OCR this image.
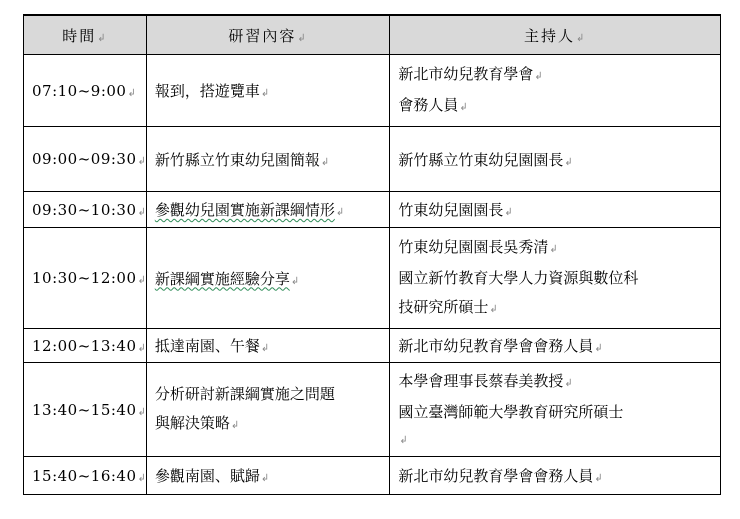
時間↲	研習內容↲	主持人↲
07:10~9:00↲	報到，搭遊覽車↲	新北市幼兒教育學會↲
會務人員↲

09:00~09:30↲	新竹縣立竹東幼兒園簡報↲	新竹縣立竹東幼兒園園長↲
09:30~10:30↲	參觀幼兒園實施新課綱情形↲	竹東幼兒園園長↲
10:30~12:00↲	新課綱實施經驗分享↲	竹東幼兒園園長吳秀清↲
國立新竹教育大學人力資源與數位科
技研究所碩士↲

12:00~13:40↲	抵達南園、午餐↲	新北市幼兒教育學會會務人員↲
13:40~15:40↲	分析研討新課綱實施之問題
與解決策略↲	本學會理事長蔡春美教授↲
國立臺灣師範大學教育研究所碩士
↲

15:40~16:40↲	參觀南園、賦歸↲	新北市幼兒教育學會會務人員↲
